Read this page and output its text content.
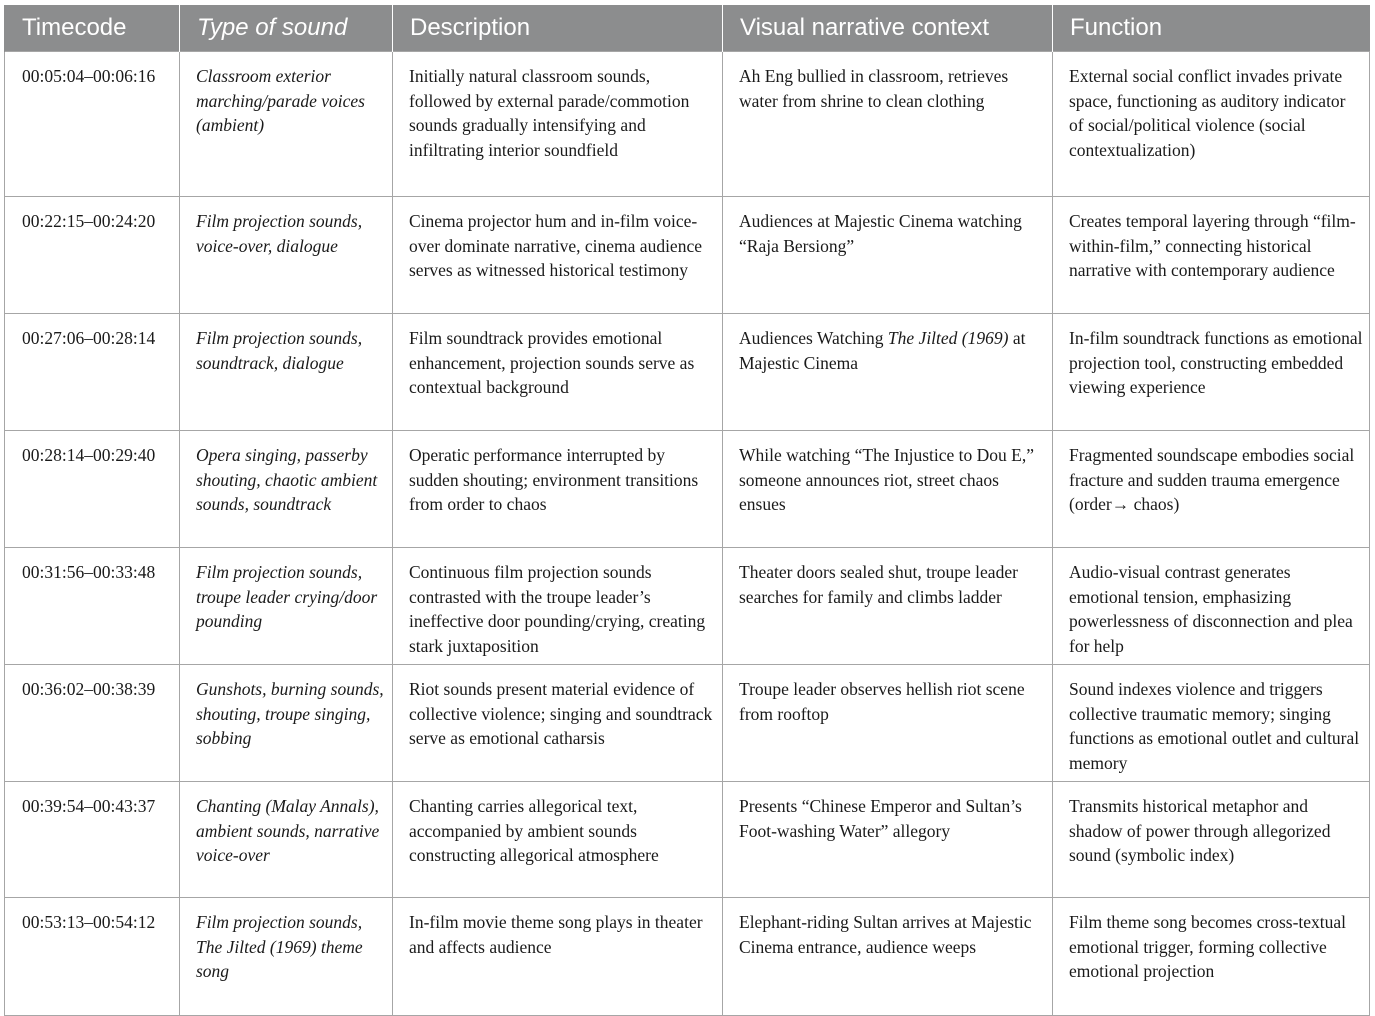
Timecode	Type of sound	Description	Visual narrative context	Function
00:05:04–00:06:16	Classroom exterior marching/parade voices (ambient)	Initially natural classroom sounds, followed by external parade/commotion sounds gradually intensifying and infiltrating interior soundfield	Ah Eng bullied in classroom, retrieves water from shrine to clean clothing	External social conflict invades private space, functioning as auditory indicator of social/political violence (social contextualization)
00:22:15–00:24:20	Film projection sounds, voice-over, dialogue	Cinema projector hum and in-film voice-over dominate narrative, cinema audience serves as witnessed historical testimony	Audiences at Majestic Cinema watching “Raja Bersiong”	Creates temporal layering through “film-within-film,” connecting historical narrative with contemporary audience
00:27:06–00:28:14	Film projection sounds, soundtrack, dialogue	Film soundtrack provides emotional enhancement, projection sounds serve as contextual background	Audiences Watching The Jilted (1969) at Majestic Cinema	In-film soundtrack functions as emotional projection tool, constructing embedded viewing experience
00:28:14–00:29:40	Opera singing, passerby shouting, chaotic ambient sounds, soundtrack	Operatic performance interrupted by sudden shouting; environment transitions from order to chaos	While watching “The Injustice to Dou E,” someone announces riot, street chaos ensues	Fragmented soundscape embodies social fracture and sudden trauma emergence (order→ chaos)
00:31:56–00:33:48	Film projection sounds, troupe leader crying/door pounding	Continuous film projection sounds contrasted with the troupe leader’s ineffective door pounding/crying, creating stark juxtaposition	Theater doors sealed shut, troupe leader searches for family and climbs ladder	Audio-visual contrast generates emotional tension, emphasizing powerlessness of disconnection and plea for help
00:36:02–00:38:39	Gunshots, burning sounds, shouting, troupe singing, sobbing	Riot sounds present material evidence of collective violence; singing and soundtrack serve as emotional catharsis	Troupe leader observes hellish riot scene from rooftop	Sound indexes violence and triggers collective traumatic memory; singing functions as emotional outlet and cultural memory
00:39:54–00:43:37	Chanting (Malay Annals), ambient sounds, narrative voice-over	Chanting carries allegorical text, accompanied by ambient sounds constructing allegorical atmosphere	Presents “Chinese Emperor and Sultan’s Foot-washing Water” allegory	Transmits historical metaphor and shadow of power through allegorized sound (symbolic index)
00:53:13–00:54:12	Film projection sounds, The Jilted (1969) theme song	In-film movie theme song plays in theater and affects audience	Elephant-riding Sultan arrives at Majestic Cinema entrance, audience weeps	Film theme song becomes cross-textual emotional trigger, forming collective emotional projection
